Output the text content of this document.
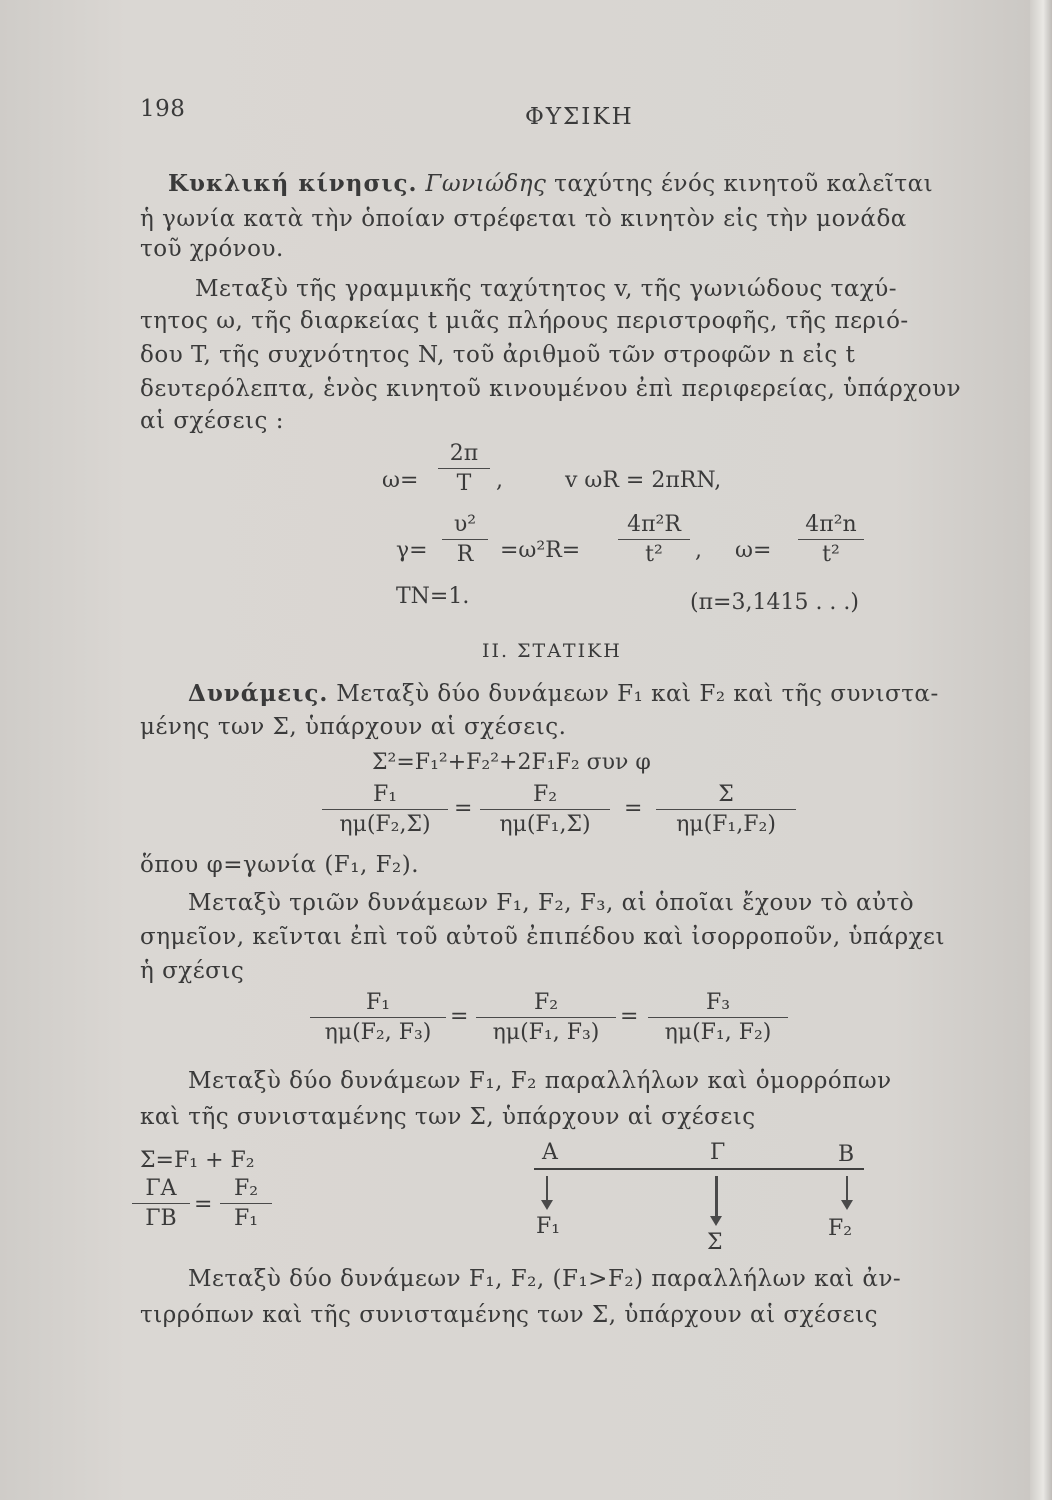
198	ΦΥΣΙΚΗ
Κυκλική κίνησις. Γωνιώδης ταχύτης ένός κινητοῦ καλεῖται
ἡ γωνία κατὰ τὴν ὁποίαν στρέφεται τὸ κινητὸν εἰς τὴν μονάδα
τοῦ χρόνου.
Μεταξὺ τῆς γραμμικῆς ταχύτητος v, τῆς γωνιώδους ταχύ-
τητος ω, τῆς διαρκείας t μιᾶς πλήρους περιστροφῆς, τῆς περιό-
δου T, τῆς συχνότητος N, τοῦ ἀριθμοῦ τῶν στροφῶν n εἰς t
δευτερόλεπτα, ἑνὸς κινητοῦ κινουμένου ἐπὶ περιφερείας, ὑπάρχουν
αἱ σχέσεις :
$\omega= \frac{2\pi}{T}$ ,	v ωR = 2πRN,
$\gamma= \frac{\text{υ²}}{R} =\omega^2R= \frac{\text{4π²R}}{\text{t²}}$ , $\omega= \frac{\text{4π²n}}{\text{t²}}$
TN=1.	(π=3,1415 . . .)
II. ΣΤΑΤΙΚΗ
Δυνάμεις. Μεταξὺ δύο δυνάμεων F₁ καὶ F₂ καὶ τῆς συνιστα-
μένης των Σ, ὑπάρχουν αἱ σχέσεις.
Σ²=F₁²+F₂²+2F₁F₂ συν φ
$\frac{\text{F₁}}{\text{ημ(F₂,Σ)}} = \frac{\text{F₂}}{\text{ημ(F₁,Σ)}} = \frac{\Sigma}{\text{ημ(F₁,F₂)}}$
ὅπου φ=γωνία (F₁, F₂).
Μεταξὺ τριῶν δυνάμεων F₁, F₂, F₃, αἱ ὁποῖαι ἔχουν τὸ αὐτὸ
σημεῖον, κεῖνται ἐπὶ τοῦ αὐτοῦ ἐπιπέδου καὶ ἰσορροποῦν, ὑπάρχει
ἡ σχέσις
$\frac{\text{F₁}}{\text{ημ(F₂, F₃)}} = \frac{\text{F₂}}{\text{ημ(F₁, F₃)}} = \frac{\text{F₃}}{\text{ημ(F₁, F₂)}}$
Μεταξὺ δύο δυνάμεων F₁, F₂ παραλλήλων καὶ ὁμορρόπων
καὶ τῆς συνισταμένης των Σ, ὑπάρχουν αἱ σχέσεις
Σ=F₁ + F₂
$\frac{\Gamma A}{\Gamma B} = \frac{\text{F₂}}{\text{F₁}}$
A	Γ	B
F₁
Σ
F₂
Μεταξὺ δύο δυνάμεων F₁, F₂, (F₁>F₂) παραλλήλων καὶ ἀν-
τιρρόπων καὶ τῆς συνισταμένης των Σ, ὑπάρχουν αἱ σχέσεις
